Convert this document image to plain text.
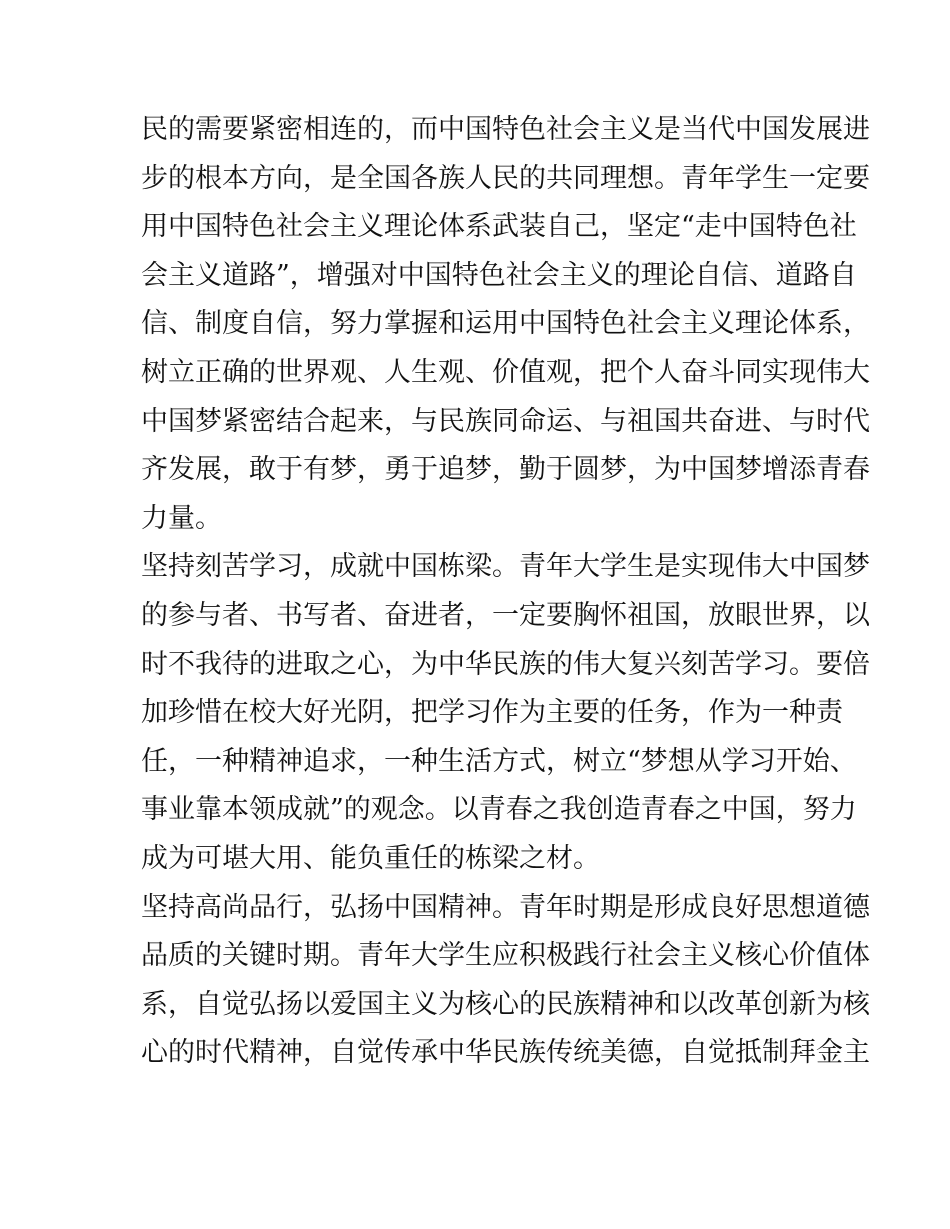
民的需要紧密相连的，而中国特色社会主义是当代中国发展进
步的根本方向，是全国各族人民的共同理想。青年学生一定要
用中国特色社会主义理论体系武装自己，坚定“走中国特色社
会主义道路”，增强对中国特色社会主义的理论自信、道路自
信、制度自信，努力掌握和运用中国特色社会主义理论体系，
树立正确的世界观、人生观、价值观，把个人奋斗同实现伟大
中国梦紧密结合起来，与民族同命运、与祖国共奋进、与时代
齐发展，敢于有梦，勇于追梦，勤于圆梦，为中国梦增添青春
力量。
坚持刻苦学习，成就中国栋梁。青年大学生是实现伟大中国梦
的参与者、书写者、奋进者，一定要胸怀祖国，放眼世界，以
时不我待的进取之心，为中华民族的伟大复兴刻苦学习。要倍
加珍惜在校大好光阴，把学习作为主要的任务，作为一种责
任，一种精神追求，一种生活方式，树立“梦想从学习开始、
事业靠本领成就”的观念。以青春之我创造青春之中国，努力
成为可堪大用、能负重任的栋梁之材。
坚持高尚品行，弘扬中国精神。青年时期是形成良好思想道德
品质的关键时期。青年大学生应积极践行社会主义核心价值体
系，自觉弘扬以爱国主义为核心的民族精神和以改革创新为核
心的时代精神，自觉传承中华民族传统美德，自觉抵制拜金主
